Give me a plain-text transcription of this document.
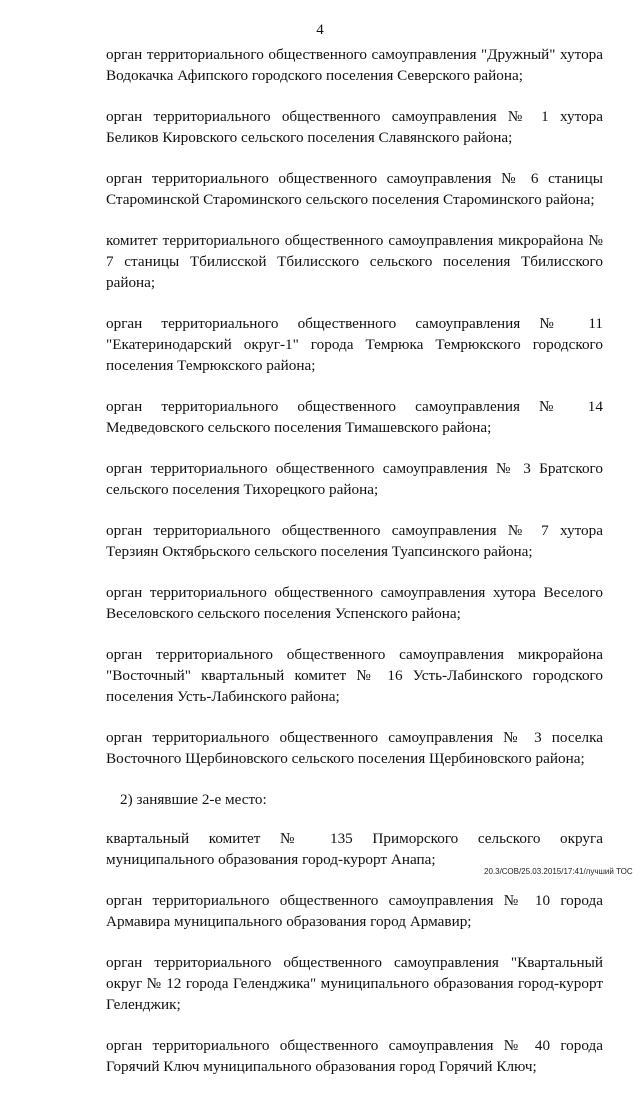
4

орган территориального общественного самоуправления "Дружный" хутора Водокачка Афипского городского поселения Северского района;

орган территориального общественного самоуправления № 1 хутора Беликов Кировского сельского поселения Славянского района;

орган территориального общественного самоуправления № 6 станицы Староминской Староминского сельского поселения Староминского района;

комитет территориального общественного самоуправления микрорайона № 7 станицы Тбилисской Тбилисского сельского поселения Тбилисского района;

орган территориального общественного самоуправления № 11 "Екатеринодарский округ-1" города Темрюка Темрюкского городского поселения Темрюкского района;

орган территориального общественного самоуправления № 14 Медведовского сельского поселения Тимашевского района;

орган территориального общественного самоуправления № 3 Братского сельского поселения Тихорецкого района;

орган территориального общественного самоуправления № 7 хутора Терзиян Октябрьского сельского поселения Туапсинского района;

орган территориального общественного самоуправления хутора Веселого Веселовского сельского поселения Успенского района;

орган территориального общественного самоуправления микрорайона "Восточный" квартальный комитет № 16 Усть-Лабинского городского поселения Усть-Лабинского района;

орган территориального общественного самоуправления № 3 поселка Восточного Щербиновского сельского поселения Щербиновского района;

2) занявшие 2-е место:

квартальный комитет № 135 Приморского сельского округа муниципального образования город-курорт Анапа;

орган территориального общественного самоуправления № 10 города Армавира муниципального образования город Армавир;

орган территориального общественного самоуправления "Квартальный округ № 12 города Геленджика" муниципального образования город-курорт Геленджик;

орган территориального общественного самоуправления № 40 города Горячий Ключ муниципального образования город Горячий Ключ;

20.3/СОВ/25.03.2015/17:41/лучший ТОС
